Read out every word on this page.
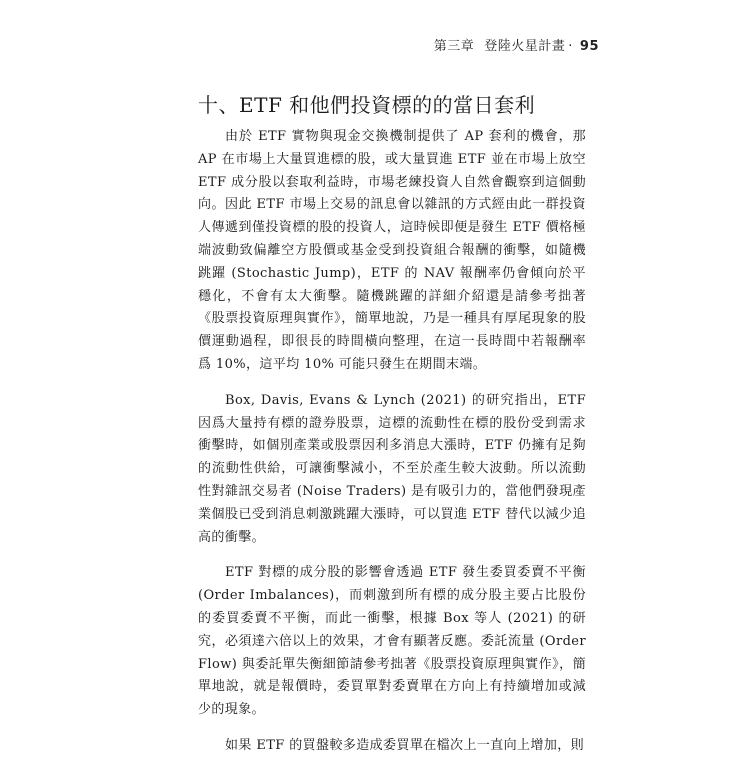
第三章 登陸火星計畫 ‧ 95
十、ETF 和他們投資標的的當日套利

由於 ETF 實物與現金交換機制提供了 AP 套利的機會，那 AP 在市場上大量買進標的股，或大量買進 ETF 並在市場上放空 ETF 成分股以套取利益時，市場老練投資人自然會觀察到這個動向。因此 ETF 市場上交易的訊息會以雜訊的方式經由此一群投資人傳遞到僅投資標的股的投資人，這時候即便是發生 ETF 價格極端波動致偏離空方股價或基金受到投資組合報酬的衝擊，如隨機跳躍 (Stochastic Jump)，ETF 的 NAV 報酬率仍會傾向於平穩化，不會有太大衝擊。隨機跳躍的詳細介紹還是請參考拙著《股票投資原理與實作》，簡單地說，乃是一種具有厚尾現象的股價運動過程，即很長的時間橫向整理，在這一長時間中若報酬率爲 10%，這平均 10% 可能只發生在期間末端。

Box, Davis, Evans & Lynch (2021) 的研究指出，ETF 因爲大量持有標的證券股票，這標的流動性在標的股份受到需求衝擊時，如個別產業或股票因利多消息大漲時，ETF 仍擁有足夠的流動性供給，可讓衝擊減小，不至於產生較大波動。所以流動性對雜訊交易者 (Noise Traders) 是有吸引力的，當他們發現產業個股已受到消息刺激跳躍大漲時，可以買進 ETF 替代以減少追高的衝擊。

ETF 對標的成分股的影響會透過 ETF 發生委買委賣不平衡 (Order Imbalances)，而刺激到所有標的成分股主要占比股份的委買委賣不平衡，而此一衝擊，根據 Box 等人 (2021) 的研究，必須達六倍以上的效果，才會有顯著反應。委託流量 (Order Flow) 與委託單失衡細節請參考拙著《股票投資原理與實作》，簡單地說，就是報價時，委買單對委賣單在方向上有持續增加或減少的現象。

如果 ETF 的買盤較多造成委買單在檔次上一直向上增加，則
